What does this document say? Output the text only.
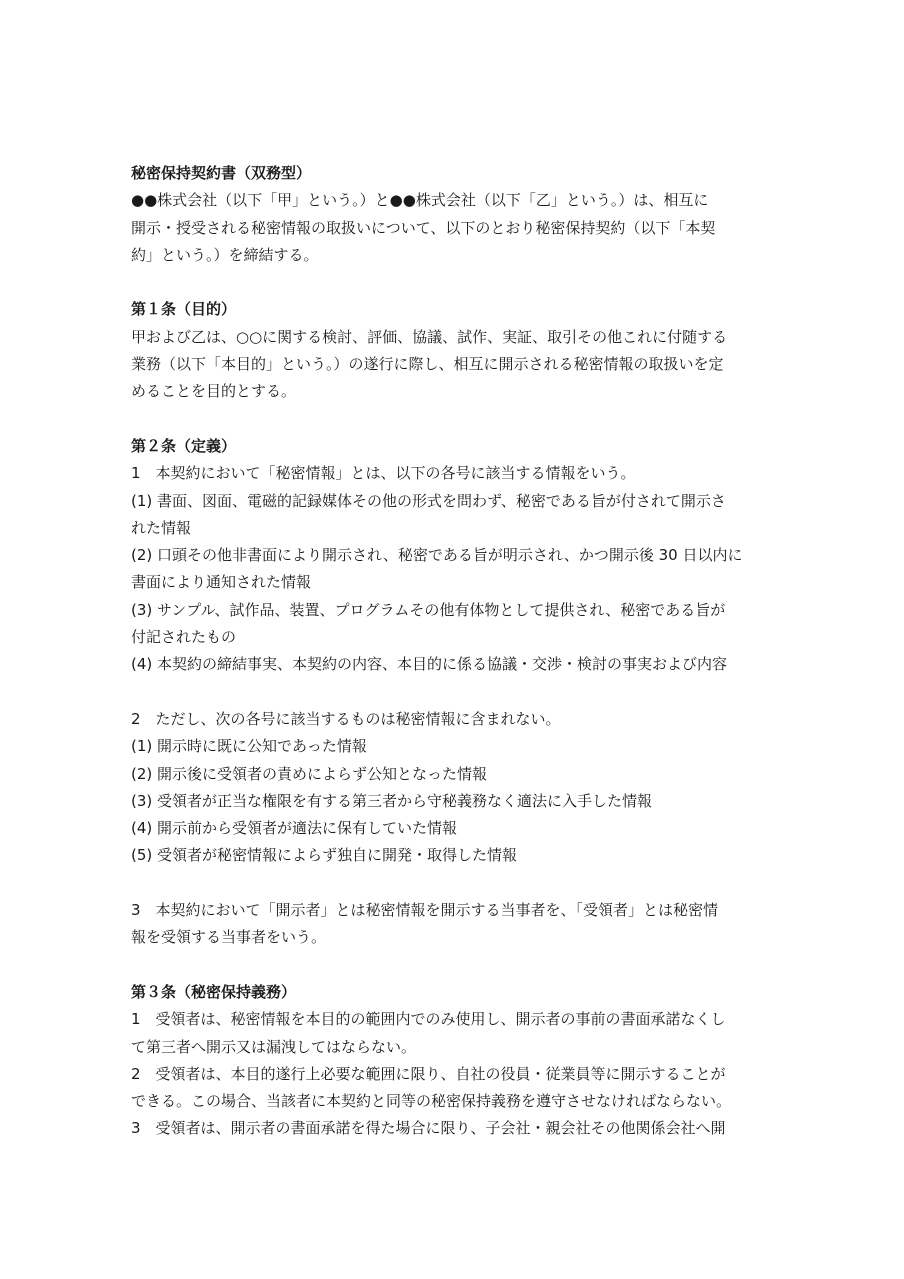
秘密保持契約書（双務型）
●●株式会社（以下「甲」という。）と●●株式会社（以下「乙」という。）は、相互に
開示・授受される秘密情報の取扱いについて、以下のとおり秘密保持契約（以下「本契
約」という。）を締結する。
第１条（目的）
甲および乙は、○○に関する検討、評価、協議、試作、実証、取引その他これに付随する
業務（以下「本目的」という。）の遂行に際し、相互に開示される秘密情報の取扱いを定
めることを目的とする。
第２条（定義）
1　本契約において「秘密情報」とは、以下の各号に該当する情報をいう。
(1) 書面、図面、電磁的記録媒体その他の形式を問わず、秘密である旨が付されて開示さ
れた情報
(2) 口頭その他非書面により開示され、秘密である旨が明示され、かつ開示後 30 日以内に
書面により通知された情報
(3) サンプル、試作品、装置、プログラムその他有体物として提供され、秘密である旨が
付記されたもの
(4) 本契約の締結事実、本契約の内容、本目的に係る協議・交渉・検討の事実および内容
2　ただし、次の各号に該当するものは秘密情報に含まれない。
(1) 開示時に既に公知であった情報
(2) 開示後に受領者の責めによらず公知となった情報
(3) 受領者が正当な権限を有する第三者から守秘義務なく適法に入手した情報
(4) 開示前から受領者が適法に保有していた情報
(5) 受領者が秘密情報によらず独自に開発・取得した情報
3　本契約において「開示者」とは秘密情報を開示する当事者を、「受領者」とは秘密情
報を受領する当事者をいう。
第３条（秘密保持義務）
1　受領者は、秘密情報を本目的の範囲内でのみ使用し、開示者の事前の書面承諾なくし
て第三者へ開示又は漏洩してはならない。
2　受領者は、本目的遂行上必要な範囲に限り、自社の役員・従業員等に開示することが
できる。この場合、当該者に本契約と同等の秘密保持義務を遵守させなければならない。
3　受領者は、開示者の書面承諾を得た場合に限り、子会社・親会社その他関係会社へ開
